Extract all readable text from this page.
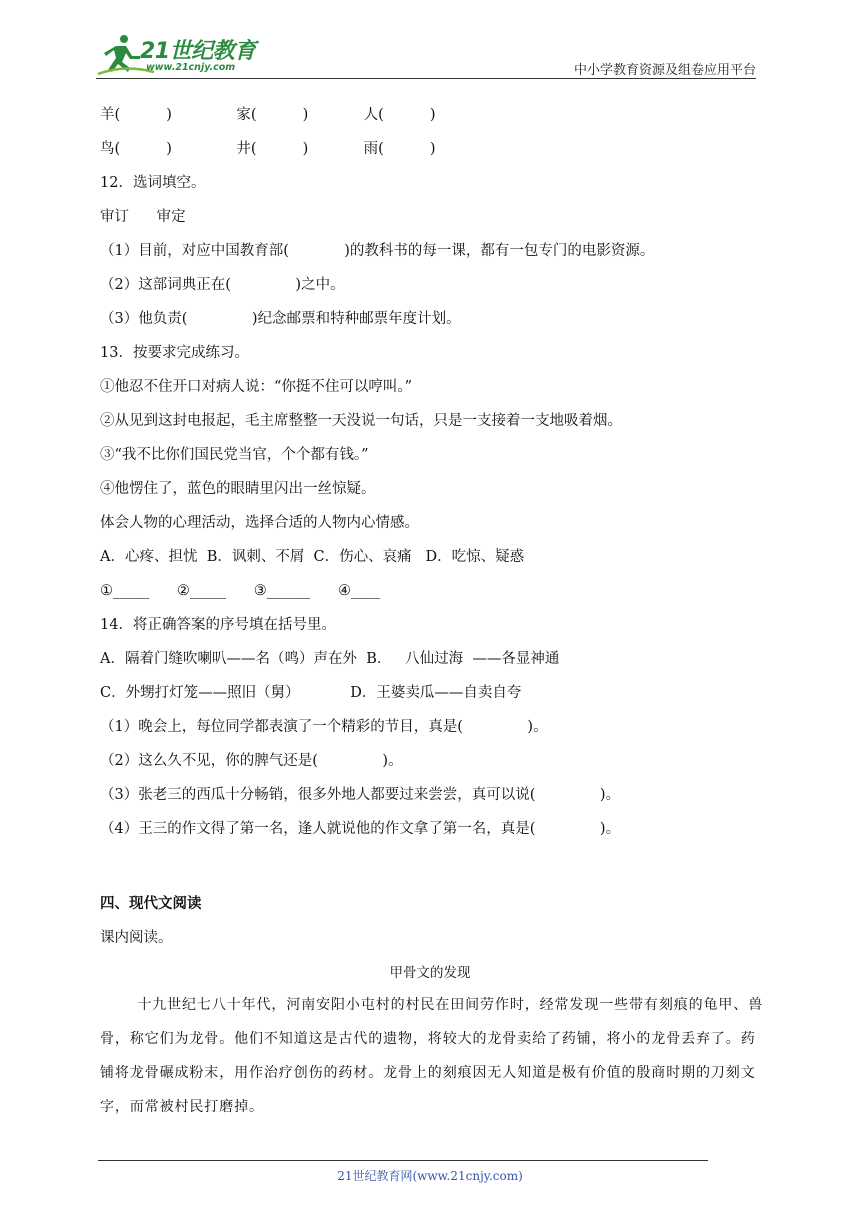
21世纪教育
www.21cnjy.com	中小学教育资源及组卷应用平台
羊(          )              家(          )            人(          )
鸟(          )              井(          )            雨(          )
12．选词填空。
审订      审定
（1）目前，对应中国教育部(            )的教科书的每一课，都有一包专门的电影资源。
（2）这部词典正在(              )之中。
（3）他负责(              )纪念邮票和特种邮票年度计划。
13．按要求完成练习。
①他忍不住开口对病人说：“你挺不住可以哼叫。”
②从见到这封电报起，毛主席整整一天没说一句话，只是一支接着一支地吸着烟。
③“我不比你们国民党当官，个个都有钱。”
④他愣住了，蓝色的眼睛里闪出一丝惊疑。
体会人物的心理活动，选择合适的人物内心情感。
A．心疼、担忧  B．讽刺、不屑  C．伤心、哀痛   D．吃惊、疑惑
①_____      ②_____      ③______      ④____
14．将正确答案的序号填在括号里。
A．隔着门缝吹喇叭——名（鸣）声在外  B．   八仙过海  ——各显神通
C．外甥打灯笼——照旧（舅）           D．王婆卖瓜——自卖自夸
（1）晚会上，每位同学都表演了一个精彩的节目，真是(              )。
（2）这么久不见，你的脾气还是(              )。
（3）张老三的西瓜十分畅销，很多外地人都要过来尝尝，真可以说(              )。
（4）王三的作文得了第一名，逢人就说他的作文拿了第一名，真是(              )。
四、现代文阅读
课内阅读。
甲骨文的发现
十九世纪七八十年代，河南安阳小屯村的村民在田间劳作时，经常发现一些带有刻痕的龟甲、兽
骨，称它们为龙骨。他们不知道这是古代的遗物，将较大的龙骨卖给了药铺，将小的龙骨丢弃了。药
铺将龙骨碾成粉末，用作治疗创伤的药材。龙骨上的刻痕因无人知道是极有价值的殷商时期的刀刻文
字，而常被村民打磨掉。
21世纪教育网(www.21cnjy.com)
